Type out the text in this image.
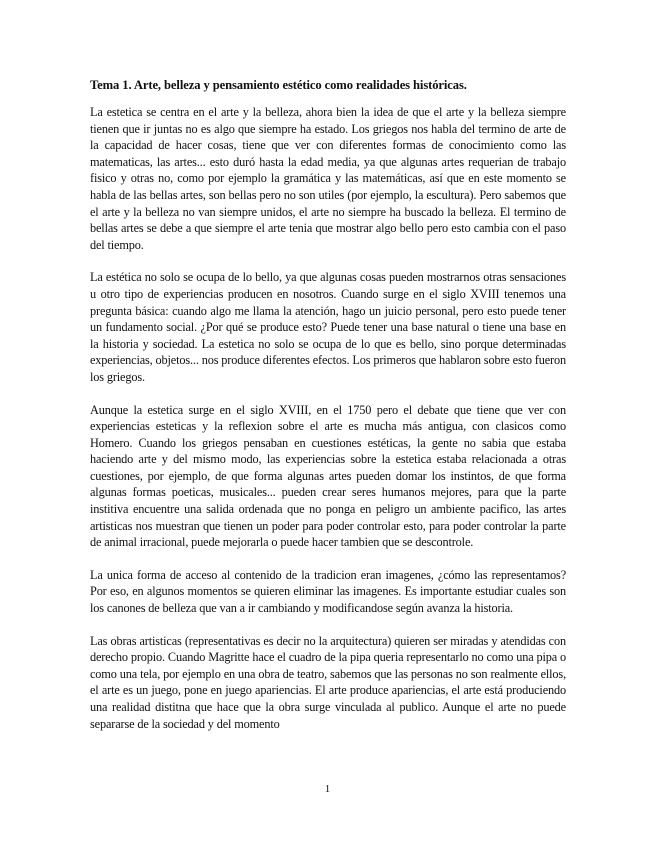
Tema 1. Arte, belleza y pensamiento estético como realidades históricas.

La estetica se centra en el arte y la belleza, ahora bien la idea de que el arte y la belleza siempre tienen que ir juntas no es algo que siempre ha estado. Los griegos nos habla del termino de arte de la capacidad de hacer cosas, tiene que ver con diferentes formas de conocimiento como las matematicas, las artes... esto duró hasta la edad media, ya que algunas artes requerian de trabajo fisico y otras no, como por ejemplo la gramática y las matemáticas, así que en este momento se habla de las bellas artes, son bellas pero no son utiles (por ejemplo, la escultura). Pero sabemos que el arte y la belleza no van siempre unidos, el arte no siempre ha buscado la belleza. El termino de bellas artes se debe a que siempre el arte tenia que mostrar algo bello pero esto cambia con el paso del tiempo.

La estética no solo se ocupa de lo bello, ya que algunas cosas pueden mostrarnos otras sensaciones u otro tipo de experiencias producen en nosotros. Cuando surge en el siglo XVIII tenemos una pregunta básica: cuando algo me llama la atención, hago un juicio personal, pero esto puede tener un fundamento social. ¿Por qué se produce esto? Puede tener una base natural o tiene una base en la historia y sociedad. La estetica no solo se ocupa de lo que es bello, sino porque determinadas experiencias, objetos... nos produce diferentes efectos. Los primeros que hablaron sobre esto fueron los griegos.

Aunque la estetica surge en el siglo XVIII, en el 1750 pero el debate que tiene que ver con experiencias esteticas y la reflexion sobre el arte es mucha más antigua, con clasicos como Homero. Cuando los griegos pensaban en cuestiones estéticas, la gente no sabia que estaba haciendo arte y del mismo modo, las experiencias sobre la estetica estaba relacionada a otras cuestiones, por ejemplo, de que forma algunas artes pueden domar los instintos, de que forma algunas formas poeticas, musicales... pueden crear seres humanos mejores, para que la parte institiva encuentre una salida ordenada que no ponga en peligro un ambiente pacifico, las artes artisticas nos muestran que tienen un poder para poder controlar esto, para poder controlar la parte de animal irracional, puede mejorarla o puede hacer tambien que se descontrole.

La unica forma de acceso al contenido de la tradicion eran imagenes, ¿cómo las representamos? Por eso, en algunos momentos se quieren eliminar las imagenes. Es importante estudiar cuales son los canones de belleza que van a ir cambiando y modificandose según avanza la historia.

Las obras artisticas (representativas es decir no la arquitectura) quieren ser miradas y atendidas con derecho propio. Cuando Magritte hace el cuadro de la pipa queria representarlo no como una pipa o como una tela, por ejemplo en una obra de teatro, sabemos que las personas no son realmente ellos, el arte es un juego, pone en juego apariencias. El arte produce apariencias, el arte está produciendo una realidad distitna que hace que la obra surge vinculada al publico. Aunque el arte no puede separarse de la sociedad y del momento

1
